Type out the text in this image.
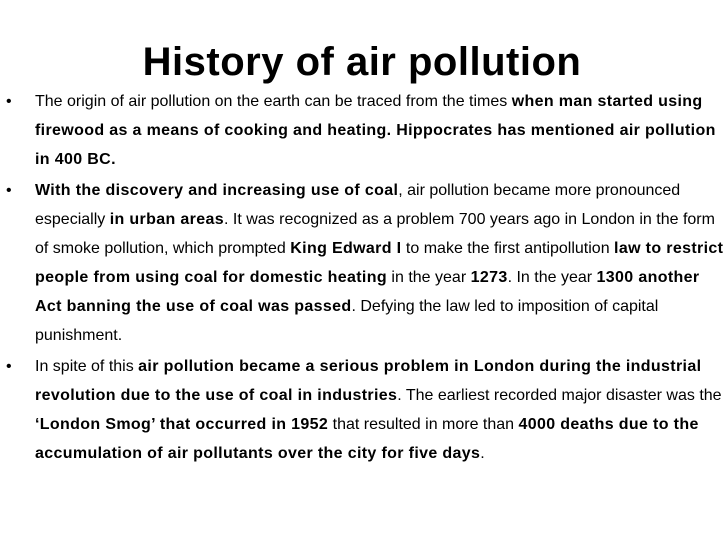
History of air pollution
• The origin of air pollution on the earth can be traced from the times when man started using firewood as a means of cooking and heating. Hippocrates has mentioned air pollution in 400 BC.
• With the discovery and increasing use of coal, air pollution became more pronounced especially in urban areas. It was recognized as a problem 700 years ago in London in the form of smoke pollution, which prompted King Edward I to make the first antipollution law to restrict people from using coal for domestic heating in the year 1273. In the year 1300 another Act banning the use of coal was passed. Defying the law led to imposition of capital punishment.
• In spite of this air pollution became a serious problem in London during the industrial revolution due to the use of coal in industries. The earliest recorded major disaster was the ‘London Smog’ that occurred in 1952 that resulted in more than 4000 deaths due to the accumulation of air pollutants over the city for five days.
